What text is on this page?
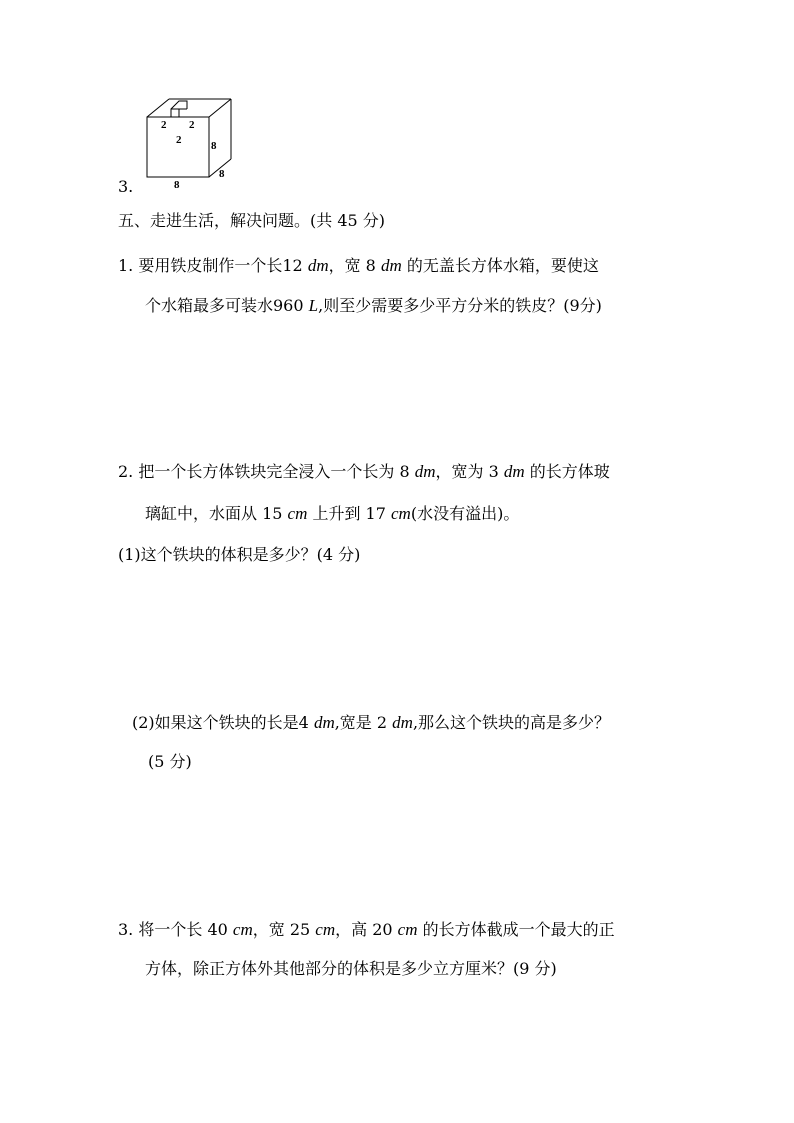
2 2
2	8
8
8
3.
五、走进生活，解决问题。(共 45 分)
1. 要用铁皮制作一个长12 dm，宽 8 dm 的无盖长方体水箱，要使这
个水箱最多可装水960 L,则至少需要多少平方分米的铁皮？(9分)
2. 把一个长方体铁块完全浸入一个长为 8 dm，宽为 3 dm 的长方体玻
璃缸中，水面从 15 cm 上升到 17 cm(水没有溢出)。
(1)这个铁块的体积是多少？(4 分)
(2)如果这个铁块的长是4 dm,宽是 2 dm,那么这个铁块的高是多少？
(5 分)
3. 将一个长 40 cm，宽 25 cm，高 20 cm 的长方体截成一个最大的正
方体，除正方体外其他部分的体积是多少立方厘米？(9 分)
